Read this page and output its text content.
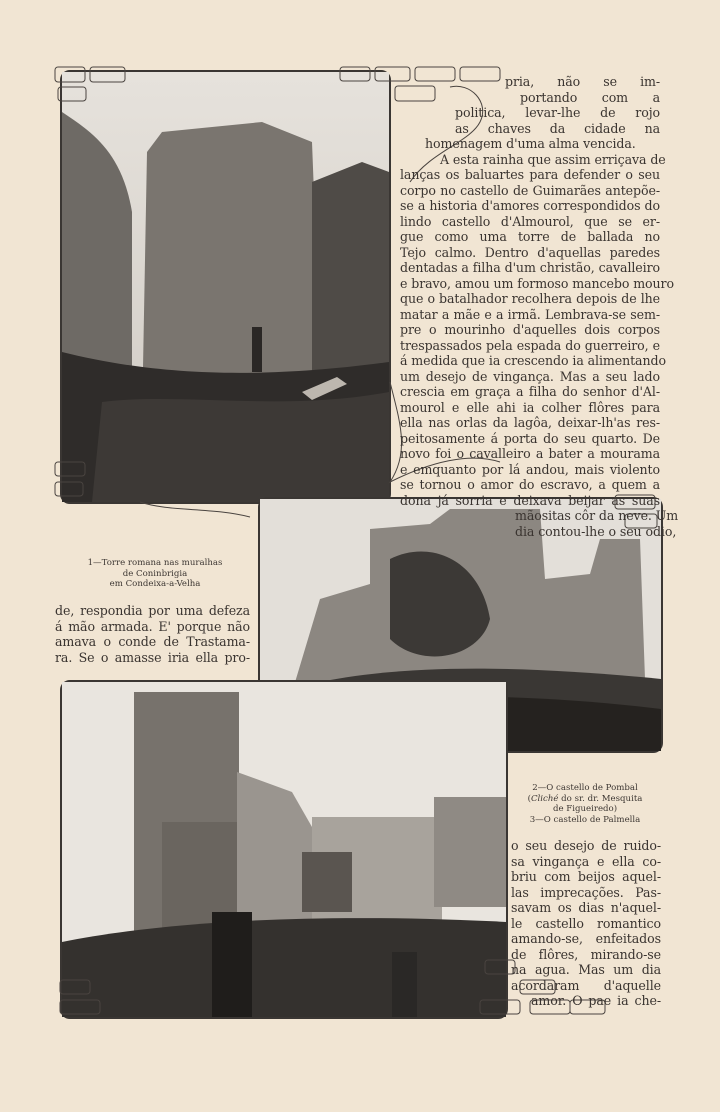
pria, não se im-
portando com a
politica, levar-lhe de rojo
as chaves da cidade na
homenagem d'uma alma vencida.
A esta rainha que assim erriçava de
lanças os baluartes para defender o seu
corpo no castello de Guimarães antepõe-
se a historia d'amores correspondidos do
lindo castello d'Almourol, que se er-
gue como uma torre de ballada no
Tejo calmo. Dentro d'aquellas paredes
dentadas a filha d'um christão, cavalleiro
e bravo, amou um formoso mancebo mouro
que o batalhador recolhera depois de lhe
matar a mãe e a irmã. Lembrava-se sem-
pre o mourinho d'aquelles dois corpos
trespassados pela espada do guerreiro, e
á medida que ia crescendo ia alimentando
um desejo de vingança. Mas a seu lado
crescia em graça a filha do senhor d'Al-
mourol e elle ahi ia colher flôres para
ella nas orlas da lagôa, deixar-lh'as res-
peitosamente á porta do seu quarto. De
novo foi o cavalleiro a bater a mourama
e emquanto por lá andou, mais violento
se tornou o amor do escravo, a quem a
dona já sorria e deixava beijar as suas
mãositas côr da neve. Um
dia contou-lhe o seu odio,
1—Torre romana nas muralhas
de Coninbrigia
em Condeixa-a-Velha
de, respondia por uma defeza
á mão armada. E' porque não
amava o conde de Trastama-
ra. Se o amasse iria ella pro-
2—O castello de Pombal
(Cliché do sr. dr. Mesquita
de Figueiredo)
3—O castello de Palmella
o seu desejo de ruido-
sa vingança e ella co-
briu com beijos aquel-
las imprecações. Pas-
savam os dias n'aquel-
le castello romantico
amando-se, enfeitados
de flôres, mirando-se
na agua. Mas um dia
acordaram d'aquelle
amor. O pae ia che-
